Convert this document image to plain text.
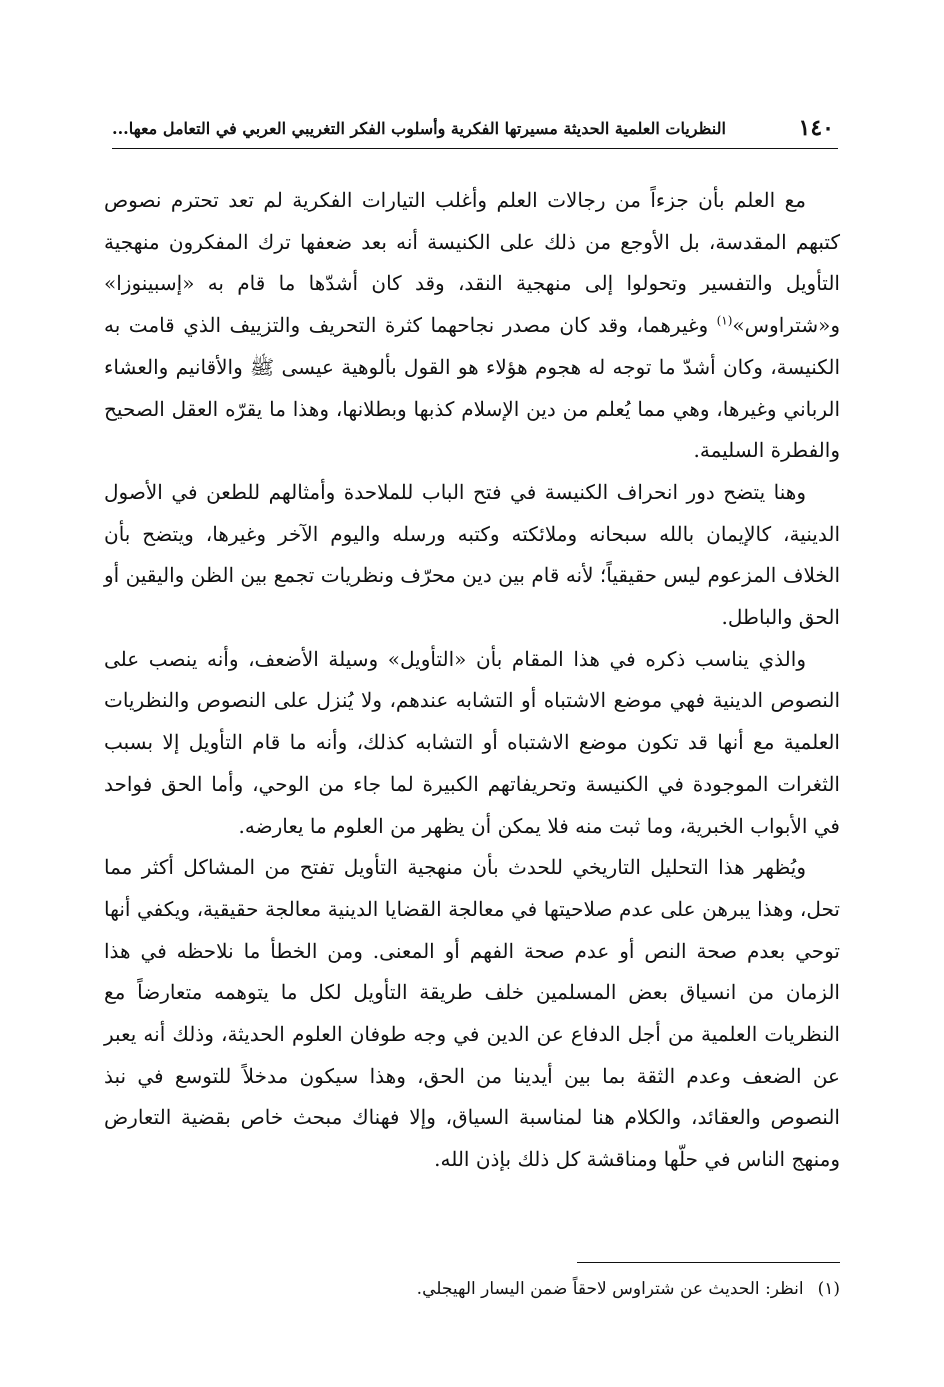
١٤٠
النظريات العلمية الحديثة مسيرتها الفكرية وأسلوب الفكر التغريبي العربي في التعامل معها...

مع العلم بأن جزءاً من رجالات العلم وأغلب التيارات الفكرية لم تعد تحترم نصوص كتبهم المقدسة، بل الأوجع من ذلك على الكنيسة أنه بعد ضعفها ترك المفكرون منهجية التأويل والتفسير وتحولوا إلى منهجية النقد، وقد كان أشدّها ما قام به «إسبينوزا» و«شتراوس»$^{(١)}$ وغيرهما، وقد كان مصدر نجاحهما كثرة التحريف والتزييف الذي قامت به الكنيسة، وكان أشدّ ما توجه له هجوم هؤلاء هو القول بألوهية عيسى ﷺ والأقانيم والعشاء الرباني وغيرها، وهي مما يُعلم من دين الإسلام كذبها وبطلانها، وهذا ما يقرّه العقل الصحيح والفطرة السليمة.

وهنا يتضح دور انحراف الكنيسة في فتح الباب للملاحدة وأمثالهم للطعن في الأصول الدينية، كالإيمان بالله سبحانه وملائكته وكتبه ورسله واليوم الآخر وغيرها، ويتضح بأن الخلاف المزعوم ليس حقيقياً؛ لأنه قام بين دين محرّف ونظريات تجمع بين الظن واليقين أو الحق والباطل.

والذي يناسب ذكره في هذا المقام بأن «التأويل» وسيلة الأضعف، وأنه ينصب على النصوص الدينية فهي موضع الاشتباه أو التشابه عندهم، ولا يُنزل على النصوص والنظريات العلمية مع أنها قد تكون موضع الاشتباه أو التشابه كذلك، وأنه ما قام التأويل إلا بسبب الثغرات الموجودة في الكنيسة وتحريفاتهم الكبيرة لما جاء من الوحي، وأما الحق فواحد في الأبواب الخبرية، وما ثبت منه فلا يمكن أن يظهر من العلوم ما يعارضه.

ويُظهر هذا التحليل التاريخي للحدث بأن منهجية التأويل تفتح من المشاكل أكثر مما تحل، وهذا يبرهن على عدم صلاحيتها في معالجة القضايا الدينية معالجة حقيقية، ويكفي أنها توحي بعدم صحة النص أو عدم صحة الفهم أو المعنى. ومن الخطأ ما نلاحظه في هذا الزمان من انسياق بعض المسلمين خلف طريقة التأويل لكل ما يتوهمه متعارضاً مع النظريات العلمية من أجل الدفاع عن الدين في وجه طوفان العلوم الحديثة، وذلك أنه يعبر عن الضعف وعدم الثقة بما بين أيدينا من الحق، وهذا سيكون مدخلاً للتوسع في نبذ النصوص والعقائد، والكلام هنا لمناسبة السياق، وإلا فهناك مبحث خاص بقضية التعارض ومنهج الناس في حلّها ومناقشة كل ذلك بإذن الله.

(١)انظر: الحديث عن شتراوس لاحقاً ضمن اليسار الهيجلي.
